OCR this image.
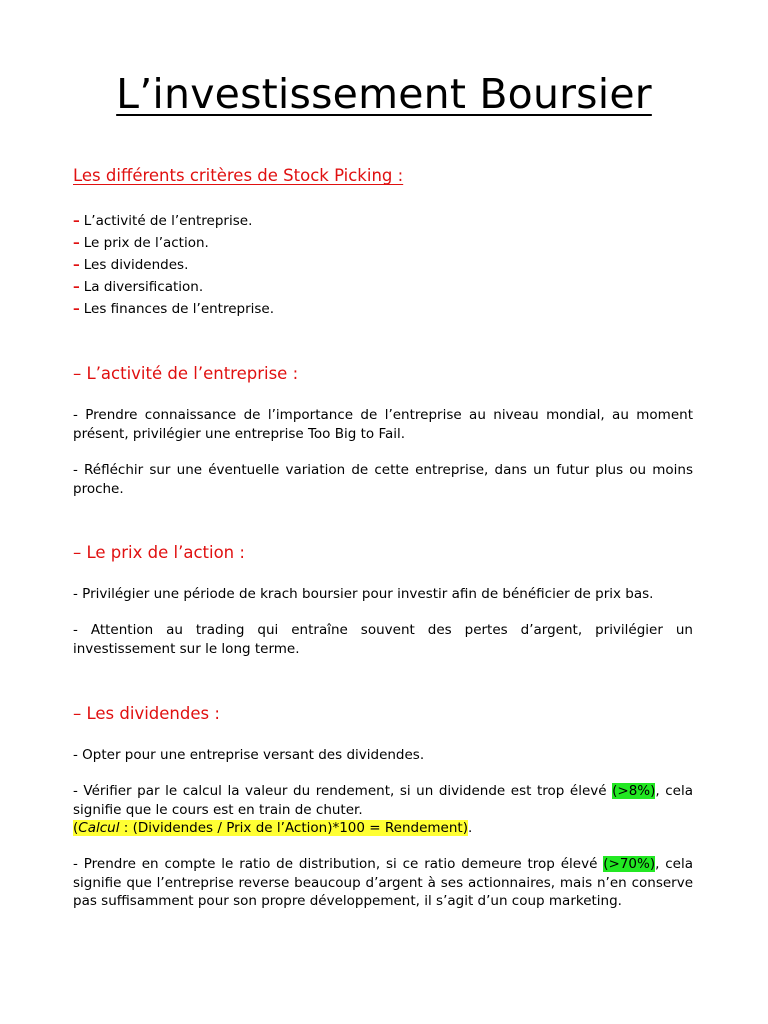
L’investissement Boursier
Les différents critères de Stock Picking :
– L’activité de l’entreprise.
– Le prix de l’action.
– Les dividendes.
– La diversification.
– Les finances de l’entreprise.
– L’activité de l’entreprise :

- Prendre connaissance de l’importance de l’entreprise au niveau mondial, au moment présent, privilégier une entreprise Too Big to Fail.

- Réfléchir sur une éventuelle variation de cette entreprise, dans un futur plus ou moins proche.

– Le prix de l’action :

- Privilégier une période de krach boursier pour investir afin de bénéficier de prix bas.

- Attention au trading qui entraîne souvent des pertes d’argent, privilégier un investissement sur le long terme.

– Les dividendes :

- Opter pour une entreprise versant des dividendes.

- Vérifier par le calcul la valeur du rendement, si un dividende est trop élevé (>8%), cela signifie que le cours est en train de chuter.
(Calcul : (Dividendes / Prix de l’Action)*100 = Rendement).

- Prendre en compte le ratio de distribution, si ce ratio demeure trop élevé (>70%), cela signifie que l’entreprise reverse beaucoup d’argent à ses actionnaires, mais n’en conserve pas suffisamment pour son propre développement, il s’agit d’un coup marketing.
